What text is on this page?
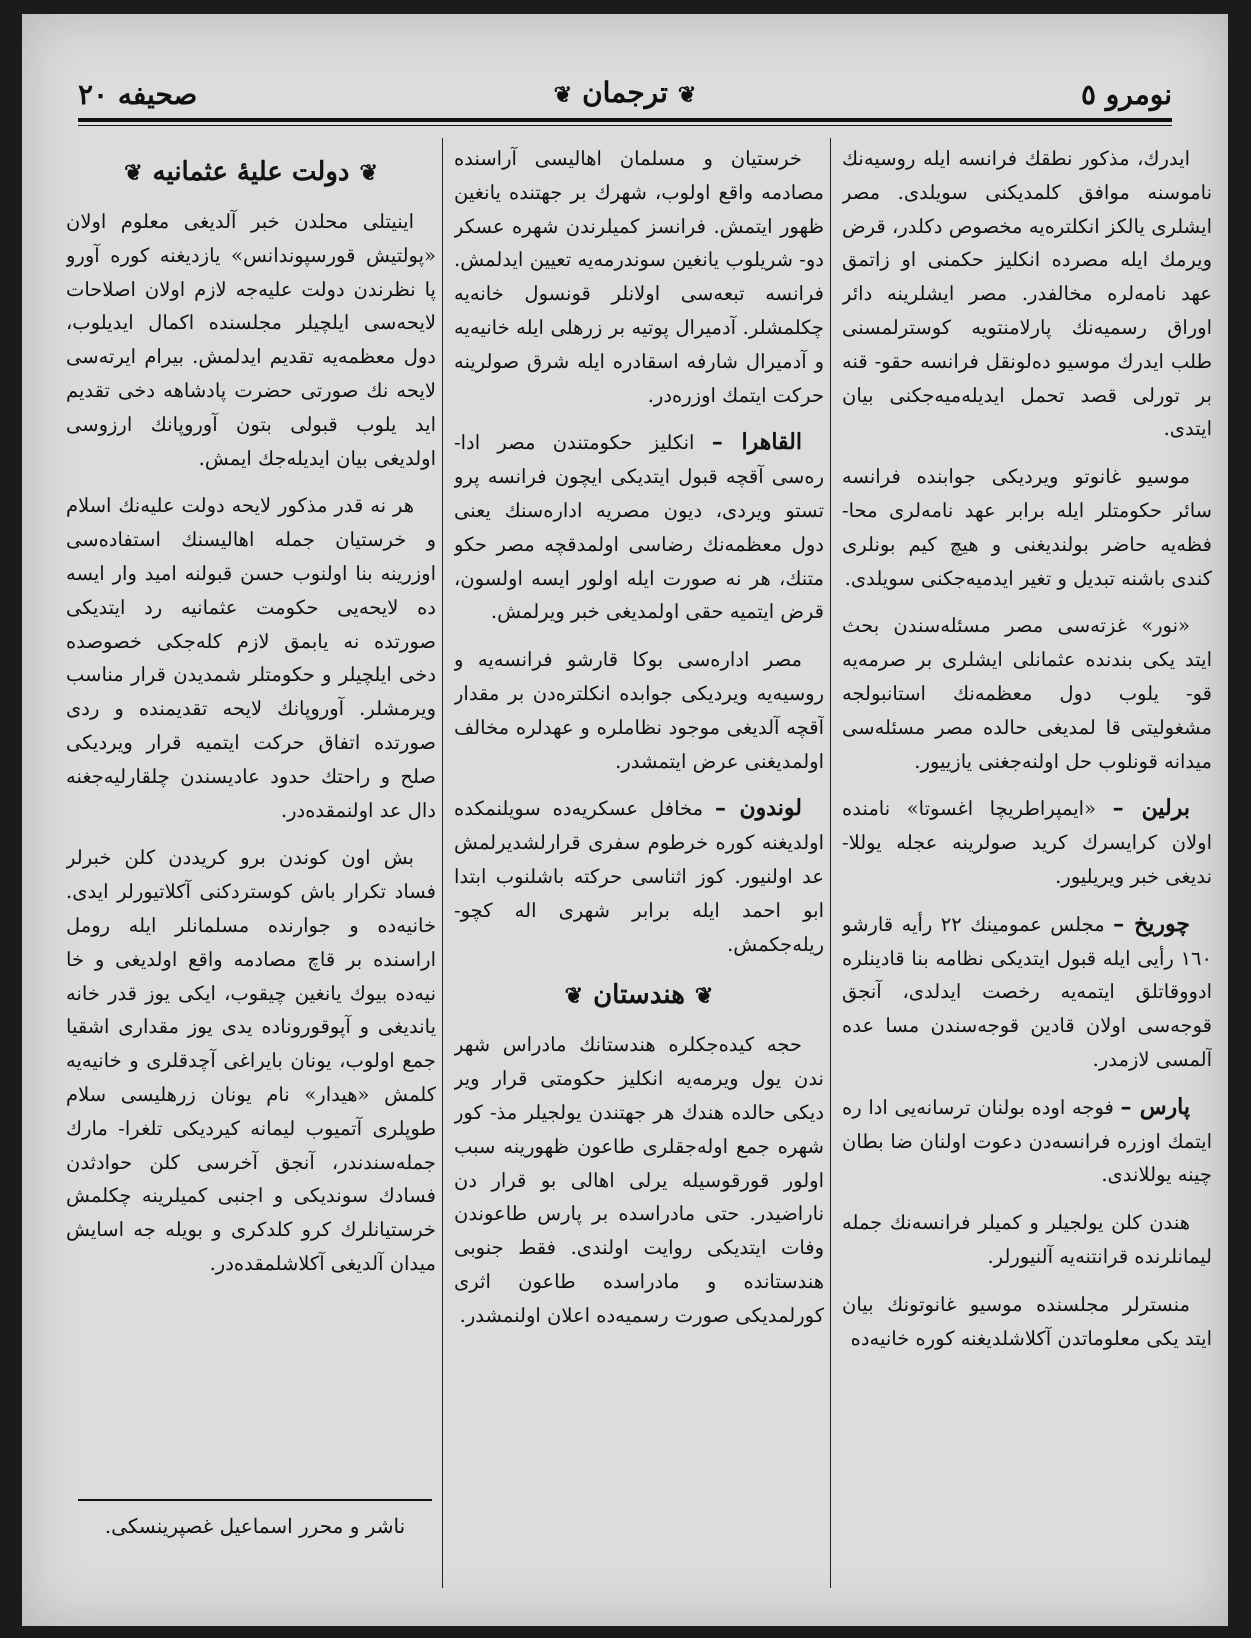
نومرو ٥
❦ترجمان❦
صحيفه ٢٠

ايدرك، مذكور نطقك فرانسه ايله روسيه‌نك ناموسنه موافق كلمديكنى سويلدى. مصر ايشلرى يالكز انكلتره‌يه مخصوص دكلدر، قرض ويرمك ايله مصرده انكليز حكمنى او زاتمق عهد نامه‌لره مخالفدر. مصر ايشلرينه دائر اوراق رسميه‌نك پارلامنتويه كوسترلمسنى طلب ايدرك موسيو دەلونقل فرانسه حقو- قنه بر تورلى قصد تحمل ايديله‌ميه‌جكنى بيان ايتدى.

موسيو غانوتو ويرديكى جوابنده فرانسه سائر حكومتلر ايله برابر عهد نامه‌لرى محا- فظه‌يه حاضر بولنديغنى و هيچ كيم بونلرى كندى باشنه تبديل و تغير ايدميه‌جكنى سويلدى.

«نور» غزته‌سى مصر مسئله‌سندن بحث ايتد يكى بندنده عثمانلى ايشلرى بر صرمه‌يه قو- يلوب دول معظمه‌نك استانبولجه مشغوليتى قا لمديغى حالده مصر مسئله‌سى ميدانه قونلوب حل اولنه‌جغنى يازييور.

برلين – «ايمپراطريچا اغسوتا» نامنده اولان كرايسرك كريد صولرينه عجله يوللا- نديغى خبر ويريليور.

چوريخ – مجلس عمومينك ٢٢ رأيه قارشو ١٦٠ رأيى ايله قبول ايتديكى نظامه بنا قادينلره ادووقاتلق ايتمه‌يه رخصت ايدلدى، آنجق قوجه‌سى اولان قادين قوجه‌سندن مسا عده آلمسى لازمدر.

پارس – فوجه اوده بولنان ترسانه‌يى ادا ره ايتمك اوزره فرانسه‌دن دعوت اولنان ضا بطان چينه يوللاندى.

هندن كلن يولجيلر و كميلر فرانسه‌نك جمله ليمانلرنده قرانتنه‌يه آلنيورلر.

منسترلر مجلسنده موسيو غانوتونك بيان ايتد يكى معلوماتدن آكلاشلديغنه كوره خانيه‌ده

خرستيان و مسلمان اهاليسى آراسنده مصادمه واقع اولوب، شهرك بر جهتنده يانغين ظهور ايتمش. فرانسز كميلرندن شهره عسكر دو- شريلوب يانغين سوندرمه‌يه تعيين ايدلمش. فرانسه تبعه‌سى اولانلر قونسول خانه‌يه چكلمشلر. آدميرال پوتيه بر زرهلى ايله خانيه‌يه و آدميرال شارفه اسقادره ايله شرق صولرينه حركت ايتمك اوزره‌در.

القاهرا – انكليز حكومتندن مصر ادا- ره‌سى آقچه قبول ايتديكى ايچون فرانسه پرو تستو ويردى، ديون مصريه اداره‌سنك يعنى دول معظمه‌نك رضاسى اولمدقچه مصر حكو متنك، هر نه صورت ايله اولور ايسه اولسون، قرض ايتميه حقى اولمديغى خبر ويرلمش.

مصر اداره‌سى بوكا قارشو فرانسه‌يه و روسيه‌يه ويرديكى جوابده انكلتره‌دن بر مقدار آقچه آلديغى موجود نظاملره و عهدلره مخالف اولمديغنى عرض ايتمشدر.

لوندون – مخافل عسكريه‌ده سويلنمكده اولديغنه كوره خرطوم سفرى قرارلشديرلمش عد اولنيور. كوز اثناسى حركته باشلنوب ابتدا ابو احمد ايله برابر شهرى اله كچو- ريله‌جكمش.

❦هندستان❦

حجه كيده‌جكلره هندستانك مادراس شهر ندن يول ويرمه‌يه انكليز حكومتى قرار وير ديكى حالده هندك هر جهتندن يولجيلر مذ- كور شهره جمع اوله‌جقلرى طاعون ظهورينه سبب اولور قورقوسيله يرلى اهالى بو قرار دن ناراضيدر. حتى مادراسده بر پارس طاعوندن وفات ايتديكى روايت اولندى. فقط جنوبى هندستانده و مادراسده طاعون اثرى كورلمديكى صورت رسميه‌ده اعلان اولنمشدر.

❦دولت عليۀ عثمانيه❦

اينيتلى محلدن خبر آلديغى معلوم اولان «پولتيش قورسپوندانس» يازديغنه كوره آورو پا نظرندن دولت عليه‌جه لازم اولان اصلاحات لايحه‌سى ايلچيلر مجلسنده اكمال ايديلوب، دول معظمه‌يه تقديم ايدلمش. بيرام ايرته‌سى لايحه نك صورتى حضرت پادشاهه دخى تقديم ايد يلوب قبولى بتون آوروپانك ارزوسى اولديغى بيان ايديله‌جك ايمش.

هر نه قدر مذكور لايحه دولت عليه‌نك اسلام و خرستيان جمله اهاليسنك استفاده‌سى اوزرينه بنا اولنوب حسن قبولنه اميد وار ايسه ده لايحه‌يى حكومت عثمانيه رد ايتديكى صورتده نه يابمق لازم كله‌جكى خصوصده دخى ايلچيلر و حكومتلر شمديدن قرار مناسب ويرمشلر. آوروپانك لايحه تقديمنده و ردى صورتده اتفاق حركت ايتميه قرار ويرديكى صلح و راحتك حدود عاديسندن چلقارليه‌جغنه دال عد اولنمقده‌در.

بش اون كوندن برو كريددن كلن خبرلر فساد تكرار باش كوستردكنى آكلاتيورلر ايدى. خانيه‌ده و جوارنده مسلمانلر ايله رومل اراسنده بر قاچ مصادمه واقع اولديغى و خا نيه‌ده بيوك يانغين چيقوب، ايكى يوز قدر خانه يانديغى و آپوقوروناده يدى يوز مقدارى اشقيا جمع اولوب، يونان بايراغى آچدقلرى و خانيه‌يه كلمش «هيدار» نام يونان زرهليسى سلام طوپلرى آتميوب ليمانه كيرديكى تلغرا- مارك جمله‌سندندر، آنجق آخرسى كلن حوادثدن فسادك سونديكى و اجنبى كميلرينه چكلمش خرستيانلرك كرو كلدكرى و بويله جه اسايش ميدان آلديغى آكلاشلمقده‌در.

ناشر و محرر اسماعيل غصپرينسكى.
